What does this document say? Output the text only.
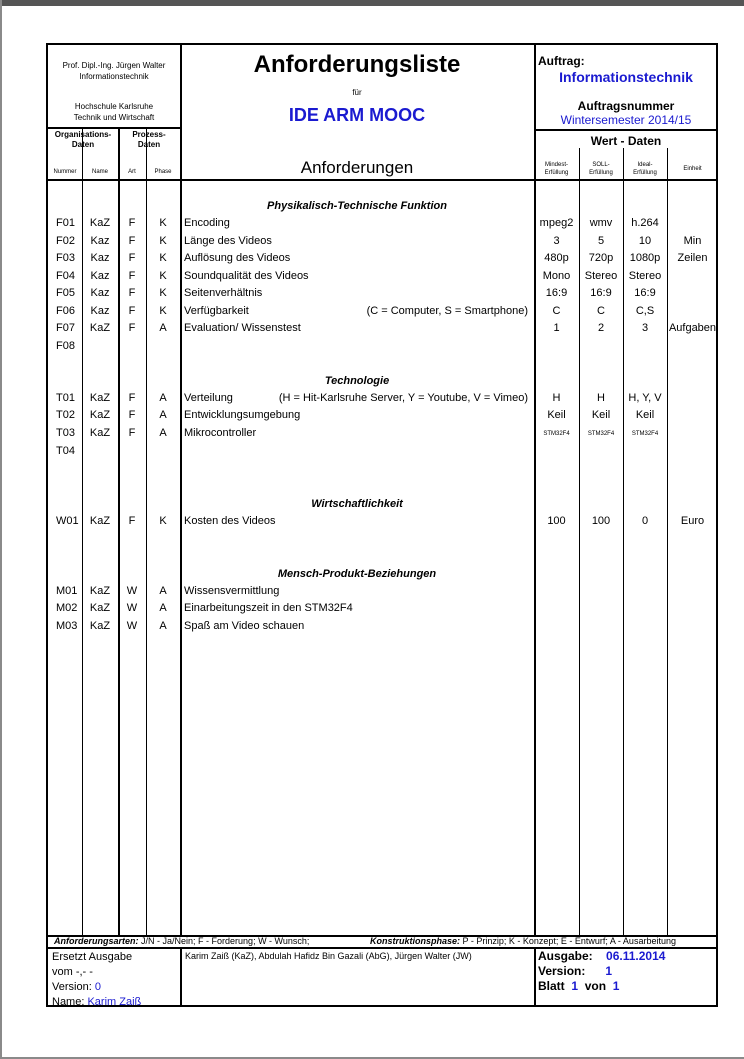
Prof. Dipl.-Ing. Jürgen Walter
Informationstechnik
Hochschule Karlsruhe
Technik und Wirtschaft
Anforderungsliste
für
IDE ARM MOOC
Auftrag:
Informationstechnik
Auftragsnummer
Wintersemester 2014/15
Organisations-
Daten
Prozess-
Daten
Nummer	Name	Art	Phase	Anforderungen
Wert - Daten
Mindest-
Erfüllung
SOLL-
Erfüllung
Ideal-
Erfüllung
Einheit
Physikalisch-Technische Funktion
Technologie
Wirtschaftlichkeit
Mensch-Produkt-Beziehungen
F01	KaZ	F	K	Encoding	mpeg2	wmv	h.264
F02	Kaz	F	K	Länge des Videos	3	5	10	Min
F03	Kaz	F	K	Auflösung des Videos	480p	720p	1080p	Zeilen
F04	Kaz	F	K	Soundqualität des Videos	Mono	Stereo	Stereo
F05	Kaz	F	K	Seitenverhältnis	16:9	16:9	16:9
F06	Kaz	F	K	Verfügbarkeit	(C = Computer, S = Smartphone)	C	C	C,S
F07	KaZ	F	A	Evaluation/ Wissenstest	1	2	3	Aufgaben
F08
T01	KaZ	F	A	Verteilung	(H = Hit-Karlsruhe Server, Y = Youtube, V = Vimeo)	H	H	H, Y, V
T02	KaZ	F	A	Entwicklungsumgebung	Keil	Keil	Keil
T03	KaZ	F	A	Mikrocontroller	STM32F4	STM32F4	STM32F4
T04
W01	KaZ	F	K	Kosten des Videos	100	100	0	Euro
M01	KaZ	W	A	Wissensvermittlung
M02	KaZ	W	A	Einarbeitungszeit in den STM32F4
M03	KaZ	W	A	Spaß am Video schauen
Anforderungsarten: J/N - Ja/Nein; F - Forderung; W - Wunsch;	Konstruktionsphase: P - Prinzip; K - Konzept; E - Entwurf; A - Ausarbeitung
Ersetzt Ausgabe
vom -,- -
Version: 0
Name: Karim Zaiß
Karim Zaiß (KaZ), Abdulah Hafidz Bin Gazali (AbG), Jürgen Walter (JW)	Ausgabe: 06.11.2014
Version: 1
Blatt 1 von 1
